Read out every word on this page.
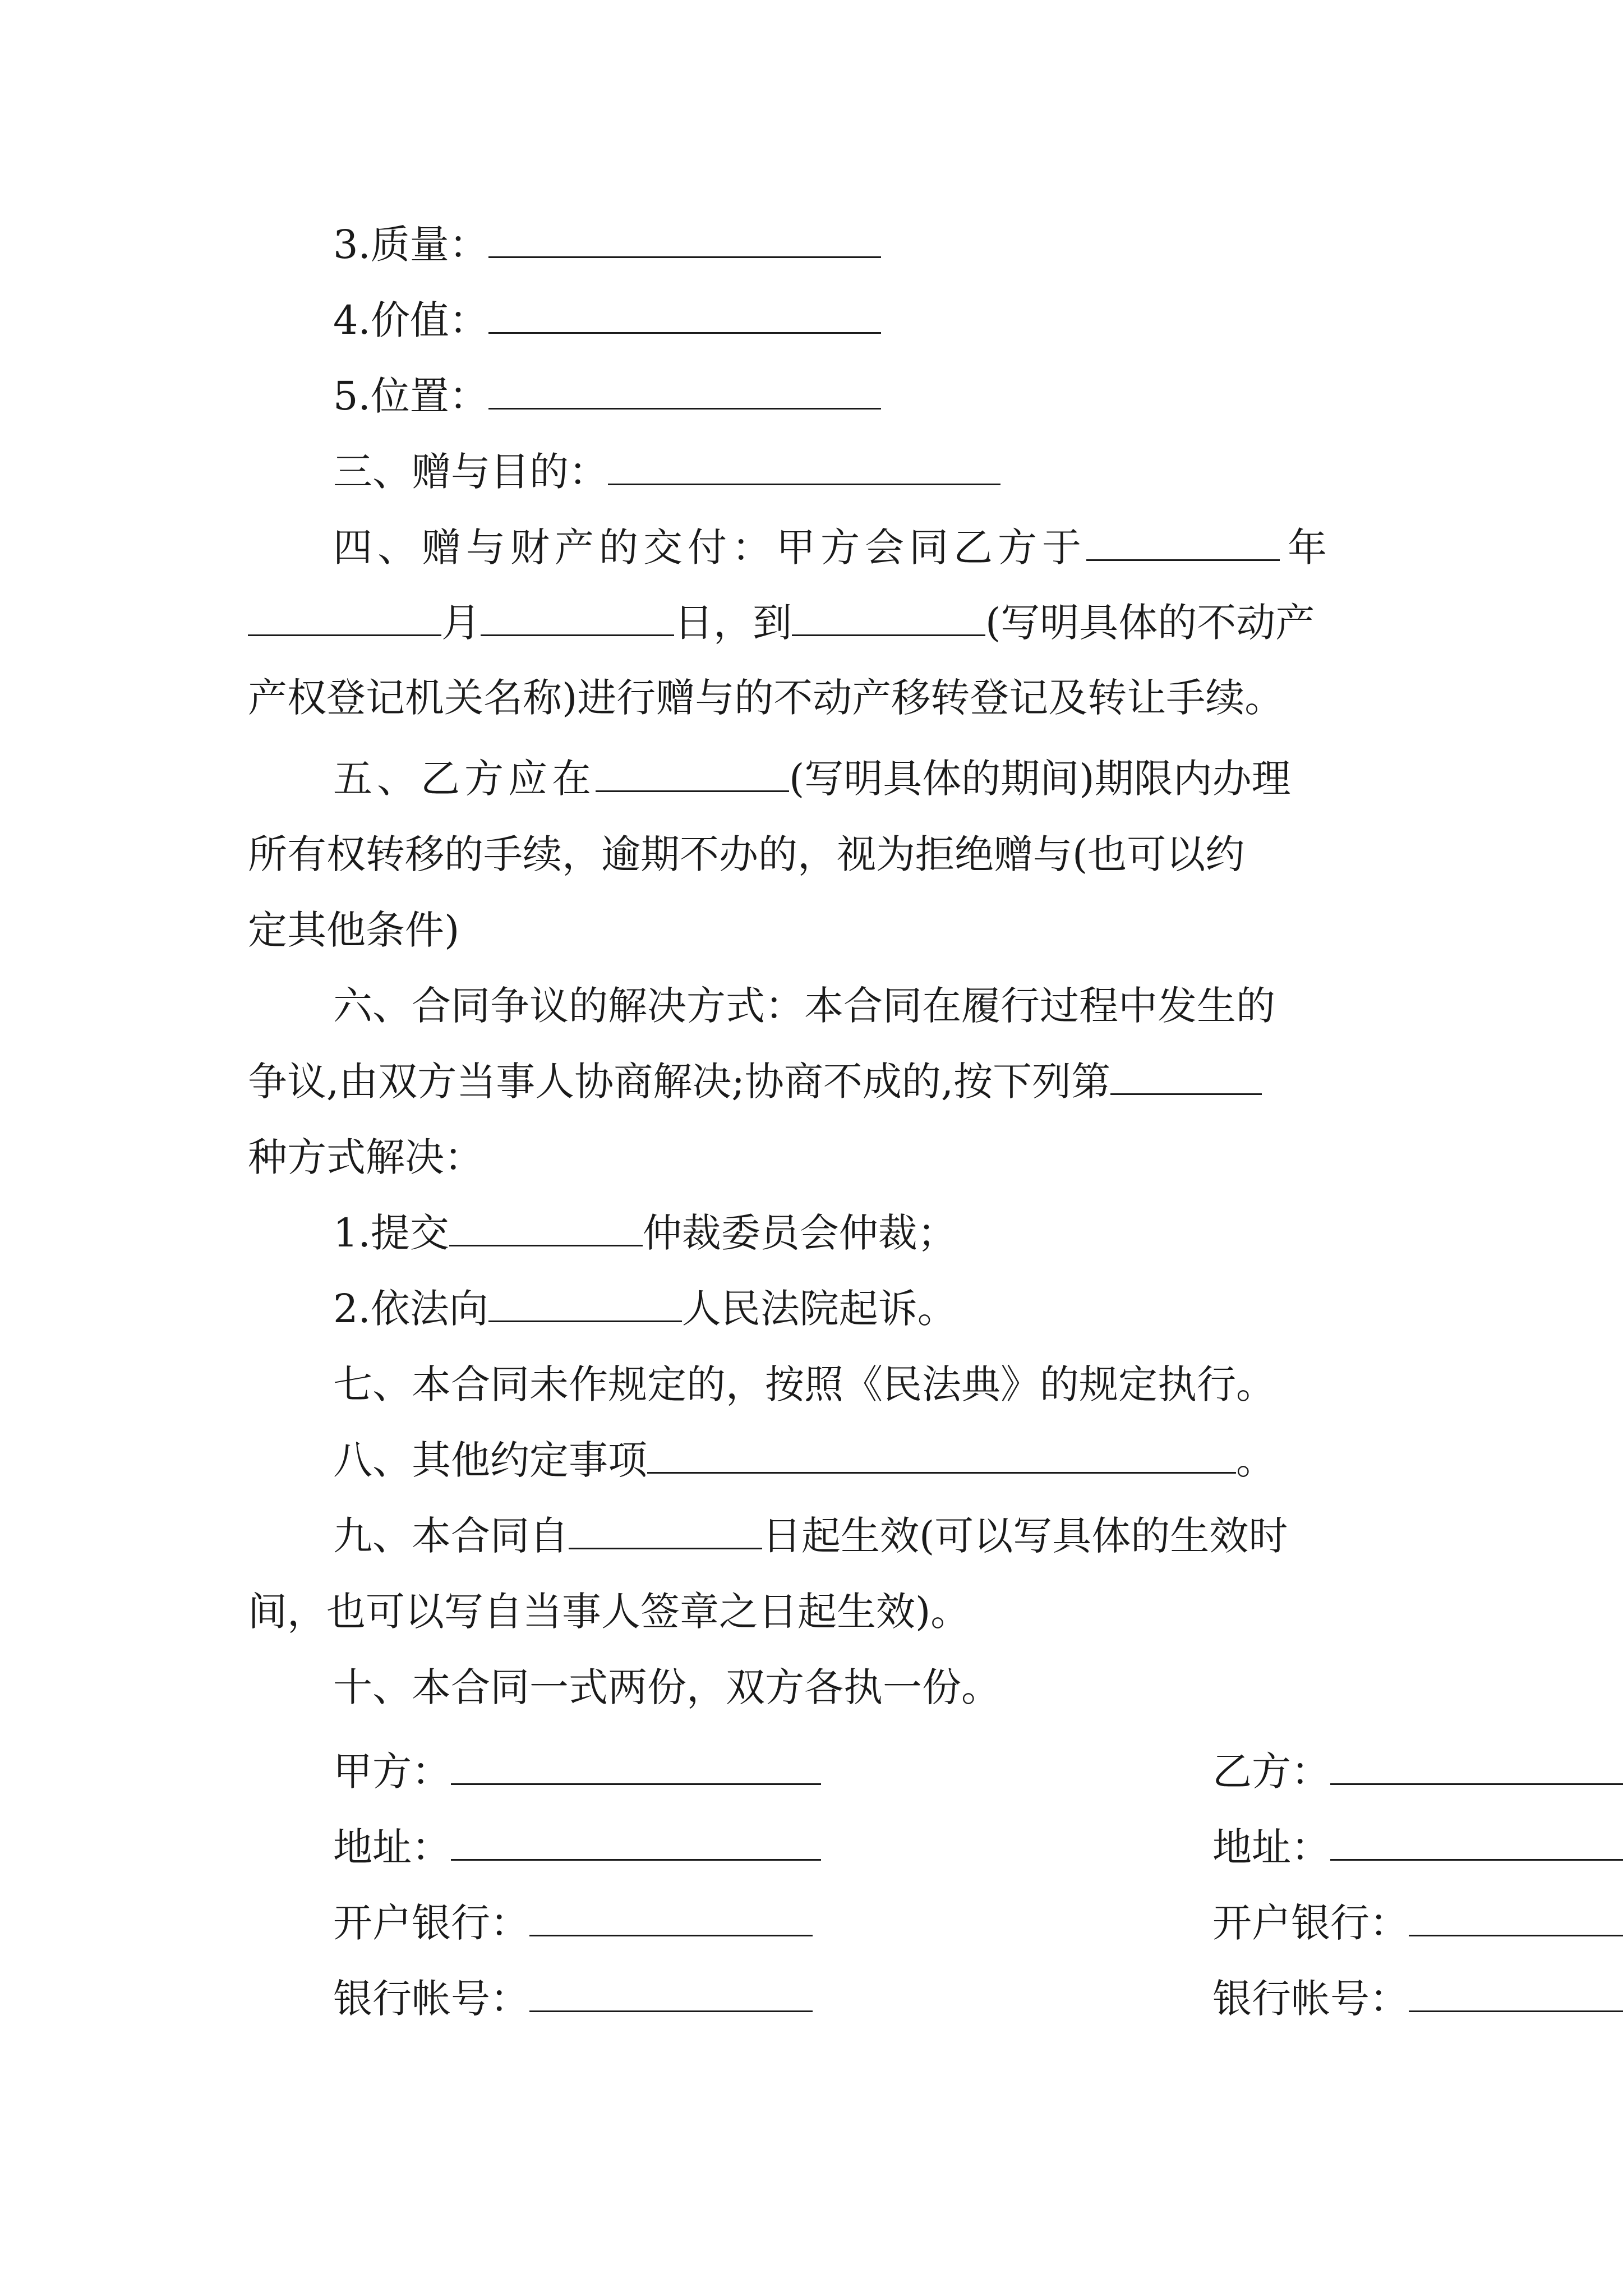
3.质量：
4.价值：
5.位置：
三、赠与目的：
四、赠与财产的交付：甲方会同乙方于	年
月	日，到	(写明具体的不动产
产权登记机关名称)进行赠与的不动产移转登记及转让手续。
五、乙方应在	(写明具体的期间)期限内办理
所有权转移的手续，逾期不办的，视为拒绝赠与(也可以约
定其他条件)
六、合同争议的解决方式：本合同在履行过程中发生的
争议,由双方当事人协商解决;协商不成的,按下列第
种方式解决：
1.提交	仲裁委员会仲裁；
2.依法向	人民法院起诉。
七、本合同未作规定的，按照《民法典》的规定执行。
八、其他约定事项	。
九、本合同自	日起生效(可以写具体的生效时
间，也可以写自当事人签章之日起生效)。
十、本合同一式两份，双方各执一份。
甲方：	乙方：
地址：	地址：
开户银行：	开户银行：
银行帐号：	银行帐号：
